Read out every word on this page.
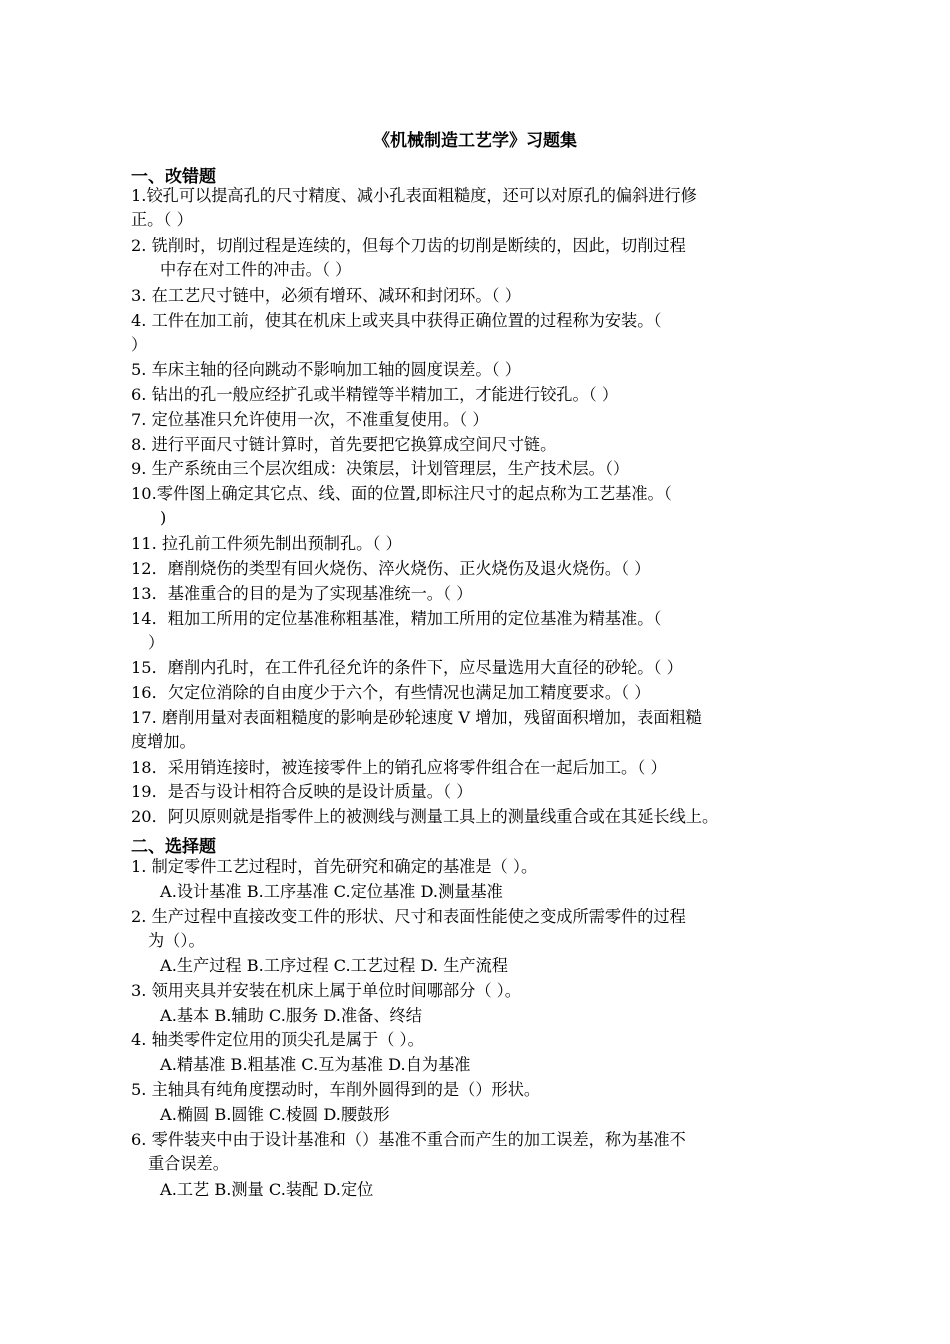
《机械制造工艺学》习题集
一、改错题
1.铰孔可以提高孔的尺寸精度、减小孔表面粗糙度，还可以对原孔的偏斜进行修
正。（ ）
2. 铣削时，切削过程是连续的，但每个刀齿的切削是断续的，因此，切削过程
中存在对工件的冲击。（ ）
3. 在工艺尺寸链中，必须有增环、减环和封闭环。（ ）
4. 工件在加工前，使其在机床上或夹具中获得正确位置的过程称为安装。（
）
5. 车床主轴的径向跳动不影响加工轴的圆度误差。（ ）
6. 钻出的孔一般应经扩孔或半精镗等半精加工，才能进行铰孔。（ ）
7. 定位基准只允许使用一次，不准重复使用。（ ）
8. 进行平面尺寸链计算时，首先要把它换算成空间尺寸链。
9. 生产系统由三个层次组成：决策层，计划管理层，生产技术层。（）
10.零件图上确定其它点、线、面的位置,即标注尺寸的起点称为工艺基准。（
)
11. 拉孔前工件须先制出预制孔。（ ）
12．磨削烧伤的类型有回火烧伤、淬火烧伤、正火烧伤及退火烧伤。（ ）
13．基准重合的目的是为了实现基准统一。（ ）
14．粗加工所用的定位基准称粗基准，精加工所用的定位基准为精基准。（
）
15．磨削内孔时，在工件孔径允许的条件下，应尽量选用大直径的砂轮。（ ）
16．欠定位消除的自由度少于六个，有些情况也满足加工精度要求。（ ）
17. 磨削用量对表面粗糙度的影响是砂轮速度 V 增加，残留面积增加，表面粗糙
度增加。
18．采用销连接时，被连接零件上的销孔应将零件组合在一起后加工。（ ）
19．是否与设计相符合反映的是设计质量。（ ）
20．阿贝原则就是指零件上的被测线与测量工具上的测量线重合或在其延长线上。
二、选择题
1. 制定零件工艺过程时，首先研究和确定的基准是（ ）。
A.设计基准 B.工序基准 C.定位基准 D.测量基准
2. 生产过程中直接改变工件的形状、尺寸和表面性能使之变成所需零件的过程
为（）。
A.生产过程 B.工序过程 C.工艺过程 D. 生产流程
3. 领用夹具并安装在机床上属于单位时间哪部分（ ）。
A.基本 B.辅助 C.服务 D.准备、终结
4. 轴类零件定位用的顶尖孔是属于（ ）。
A.精基准 B.粗基准 C.互为基准 D.自为基准
5. 主轴具有纯角度摆动时，车削外圆得到的是（）形状。
A.椭圆 B.圆锥 C.棱圆 D.腰鼓形
6. 零件装夹中由于设计基准和（）基准不重合而产生的加工误差，称为基准不
重合误差。
A.工艺 B.测量 C.装配 D.定位
